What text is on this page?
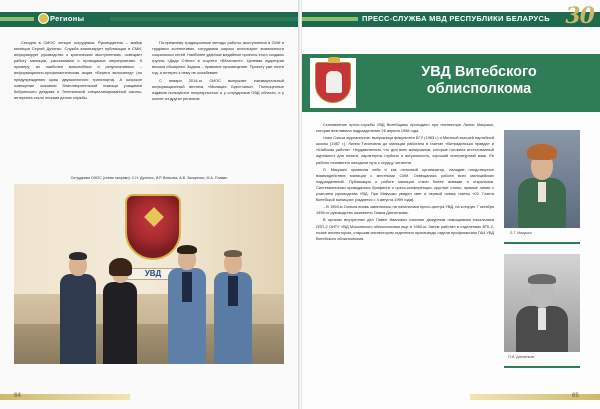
Регионы

Сегодня в ОИОС четыре сотрудника. Руководитель – майор милиции Сергей Дученко. Служба анализирует публикации в СМИ, информирует руководство о критических выступлениях, освещает работу милиции, рассказывая о проводимых мероприятиях. К примеру, из наиболее масштабных и результативных – информационно-профилактическая акция «Береги велосипед» (по предупреждению краж двухколесного транспорта). А широкое освещение оказания благотворительной помощи учащимся Кобринского детдома и Тепелинской специализированной школы-интерната стало личным делом службы.

По-прежнему традиционные методы работы, выступления в СМИ и трудовых коллективах, сотрудники широко используют возможности социальных сетей. Наиболее удачные медийные проекты этого созданы группы «Дядя Стёпа» в соцсети «ВКонтакте». Целевая аудитория весьма обширная. Задача – правовое просвещение. Проекту уже почти год, и интерес к нему не ослабевает.

С января 2014-го ОИОС выпускает ежеквартальный информационный вестник «Милиция Брестчины». Полноценные издания пользуются популярностью и у сотрудников ОВД области, и у коллег из других регионов.

Сотрудники ОИОС (слева направо): С.Н. Дученко, И.Р. Власова, А.В. Захаренко, М.А. Плаван
УВД
64
ПРЕСС-СЛУЖБА МВД РЕСПУБЛИКИ БЕЛАРУСЬ 30
УВД Витебского облисполкома

Становление пресс-службы УВД Витебщины проходило при инспекторе Лилии Мякушко, которая возглавила подразделение 26 апреля 1998 года.

Член Союза журналистов, выпускница факультета БГУ (1983 г.) и Минской высшей партийной школы (1987 г.), Лилия Тихоновна до милиции работала в газетах «Витрадинська правда» и «Шабская работа». Неудивительно, что для всех материалов, которые готовила аттестованный журналист для печати, характерны глубина и актуальность, хороший литературный язык. Ее работы неизменно находили путь к сердцу читателя.

Л. Мякушко проявила себя и как отличный организатор, наладив плодотворное взаимодействие милиции с местными СМИ. Освещалась работа всех милицейских подразделений. Публикации о работе милиции стали более живыми и открытыми. Систематически проводились брифинги и пресс-конференции, круглые столы, прямые линии с участием руководства УВД. При Мякушко увидел свет и первый номер газеты «02. Газета Витебской милиции» (издается с 4 августа 1999 года).

...В 1995-м Сильна вновь заменялась на начальника пресс-центра УВД, на которую 7 октября 1995-го руководство назначено Павла Данченкова.

В органах внутренних дел Павел Иванович начинал дежурным помощником начальника ЛПП-2 ОИТУ УВД Московского облисполкома еще в 1980-м. Затем работал в отделениях ВТК-2, позже инспектором, старшим инспектором отделения пропаганды отдела профилактики ГАИ УВД Витебского облисполкома.

Л.Т. Мякушко
П.И. Данченков
65
